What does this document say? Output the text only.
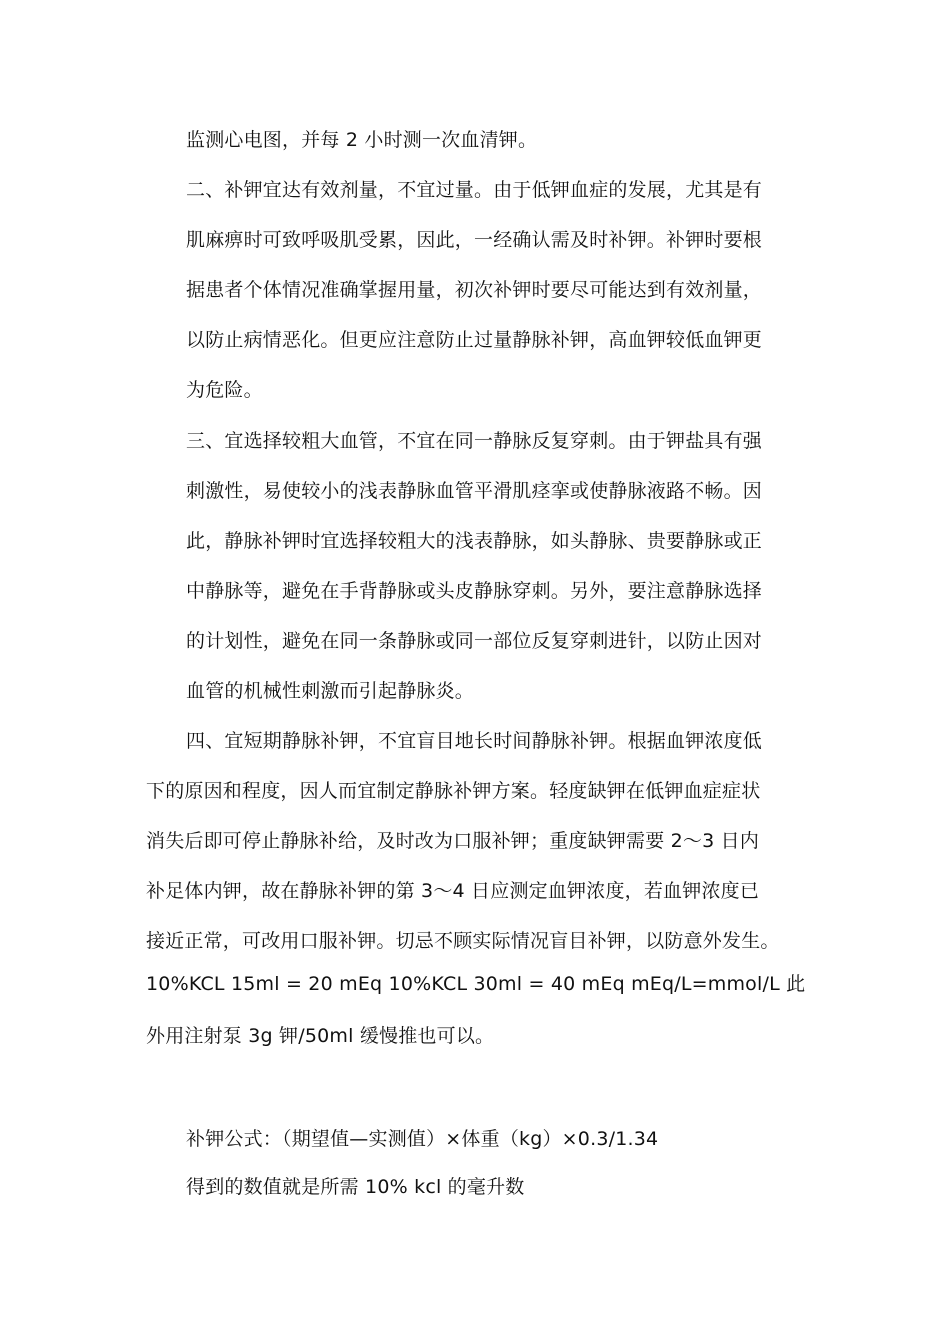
监测心电图，并每 2 小时测一次血清钾。
二、补钾宜达有效剂量，不宜过量。由于低钾血症的发展，尤其是有
肌麻痹时可致呼吸肌受累，因此，一经确认需及时补钾。补钾时要根
据患者个体情况准确掌握用量，初次补钾时要尽可能达到有效剂量，
以防止病情恶化。但更应注意防止过量静脉补钾，高血钾较低血钾更
为危险。
三、宜选择较粗大血管，不宜在同一静脉反复穿刺。由于钾盐具有强
刺激性，易使较小的浅表静脉血管平滑肌痉挛或使静脉液路不畅。因
此，静脉补钾时宜选择较粗大的浅表静脉，如头静脉、贵要静脉或正
中静脉等，避免在手背静脉或头皮静脉穿刺。另外，要注意静脉选择
的计划性，避免在同一条静脉或同一部位反复穿刺进针，以防止因对
血管的机械性刺激而引起静脉炎。
四、宜短期静脉补钾，不宜盲目地长时间静脉补钾。根据血钾浓度低
下的原因和程度，因人而宜制定静脉补钾方案。轻度缺钾在低钾血症症状
消失后即可停止静脉补给，及时改为口服补钾；重度缺钾需要 2～3 日内
补足体内钾，故在静脉补钾的第 3～4 日应测定血钾浓度，若血钾浓度已
接近正常，可改用口服补钾。切忌不顾实际情况盲目补钾，以防意外发生。
10%KCL 15ml = 20 mEq 10%KCL 30ml = 40 mEq mEq/L=mmol/L 此
外用注射泵 3g 钾/50ml 缓慢推也可以。
补钾公式：（期望值—实测值）×体重（kg）×0.3/1.34
得到的数值就是所需 10% kcl 的毫升数
